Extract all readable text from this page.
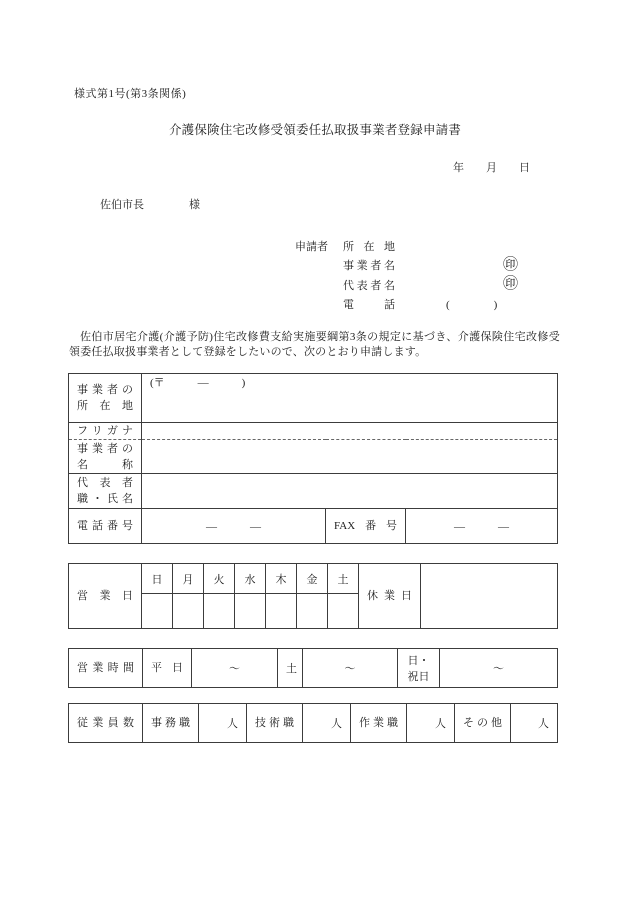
様式第1号(第3条関係)
介護保険住宅改修受領委任払取扱事業者登録申請書
年　　月　　日
佐伯市長	様
申請者	所在地
事業者名	㊞
代表者名	㊞
電話	(　　　　)

佐伯市居宅介護(介護予防)住宅改修費支給実施要綱第3条の規定に基づき、介護保険住宅改修受領委任払取扱事業者として登録をしたいので、次のとおり申請します。

事業者の
所在地	(〒　　　―　　　)		
フリガナ			

事業者の
名称			

代表者
職・氏名			

電話番号	―　　　―	FAX番号	―　　　―
営業日	日	月	火	水	木	金	土	休業日	

営業時間	平日	～	土	～	日・祝日	～
従業員数	事務職	人	技術職	人	作業職	人	その他	人
